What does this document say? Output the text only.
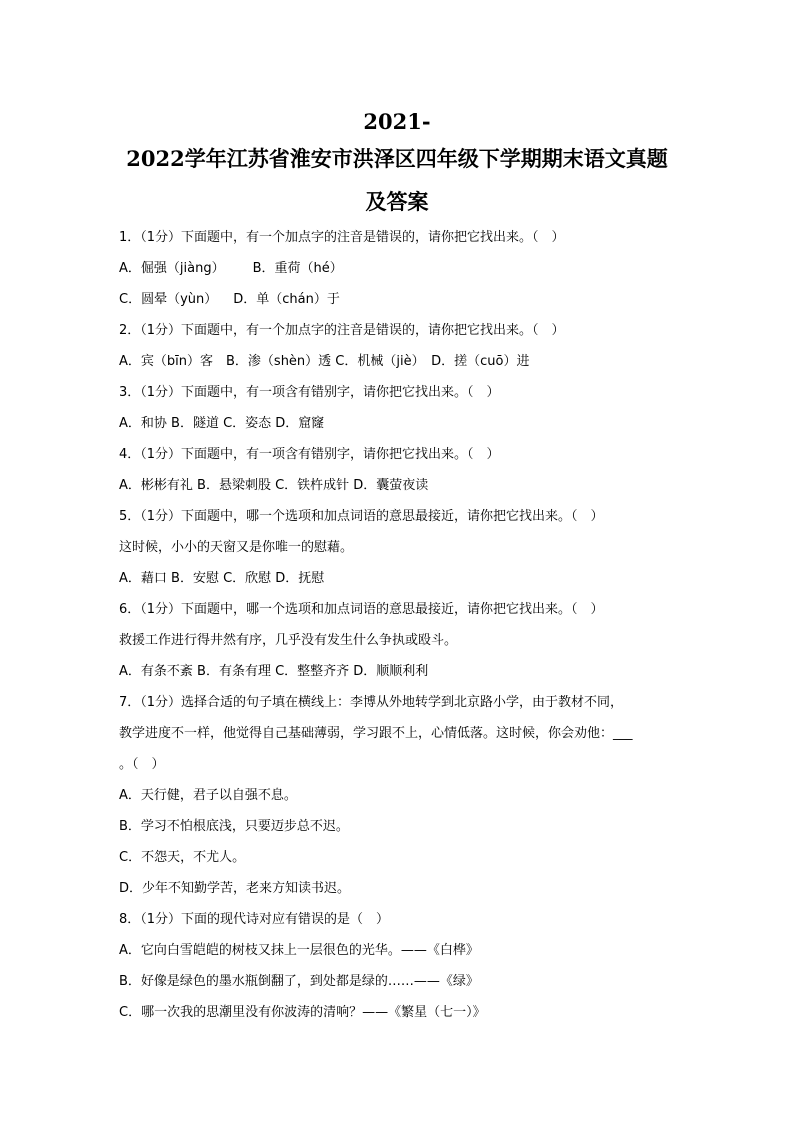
2021-
2022学年江苏省淮安市洪泽区四年级下学期期末语文真题
及答案
1．（1分）下面题中，有一个加点字的注音是错误的，请你把它找出来。（　）
A．倔强（jiàng） B．重荷（hé）
C．圆晕（yùn） D．单（chán）于
2．（1分）下面题中，有一个加点字的注音是错误的，请你把它找出来。（　）
A．宾（bīn）客　B．渗（shèn）透 C．机械（jiè）　D．搓（cuō）进
3．（1分）下面题中，有一项含有错别字，请你把它找出来。（　）
A．和协 B．隧道 C．姿态 D．窟窿
4．（1分）下面题中，有一项含有错别字，请你把它找出来。（　）
A．彬彬有礼 B．悬梁刺股 C．铁杵成针 D．囊萤夜读
5．（1分）下面题中，哪一个选项和加点词语的意思最接近，请你把它找出来。（　）
这时候，小小的天窗又是你唯一的慰藉。
A．藉口 B．安慰 C．欣慰 D．抚慰
6．（1分）下面题中，哪一个选项和加点词语的意思最接近，请你把它找出来。（　）
救援工作进行得井然有序，几乎没有发生什么争执或殴斗。
A．有条不紊 B．有条有理 C．整整齐齐 D．顺顺利利
7．（1分）选择合适的句子填在横线上：李博从外地转学到北京路小学，由于教材不同，
教学进度不一样，他觉得自己基础薄弱，学习跟不上，心情低落。这时候，你会劝他：___
。（　）
A．天行健，君子以自强不息。
B．学习不怕根底浅，只要迈步总不迟。
C．不怨天，不尤人。
D．少年不知勤学苦，老来方知读书迟。
8．（1分）下面的现代诗对应有错误的是（　）
A．它向白雪皑皑的树枝又抹上一层很色的光华。——《白桦》
B．好像是绿色的墨水瓶倒翻了，到处都是绿的……——《绿》
C．哪一次我的思潮里没有你波涛的清响？——《繁星（七一）》
